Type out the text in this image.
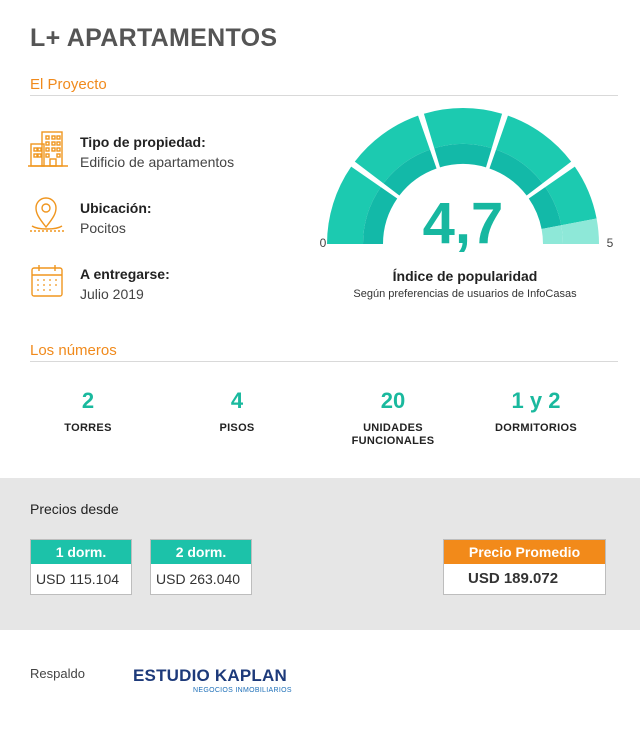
L+ APARTAMENTOS
El Proyecto
Tipo de propiedad:
Edificio de apartamentos
Ubicación:
Pocitos
A entregarse:
Julio 2019
4,7
0	5
Índice de popularidad
Según preferencias de usuarios de InfoCasas
Los números
2
TORRES
4
PISOS
20
UNIDADES FUNCIONALES
1 y 2
DORMITORIOS
Precios desde
1 dorm.
USD 115.104
2 dorm.
USD 263.040
Precio Promedio
USD 189.072
Respaldo	ESTUDIO KAPLAN
NEGOCIOS INMOBILIARIOS
